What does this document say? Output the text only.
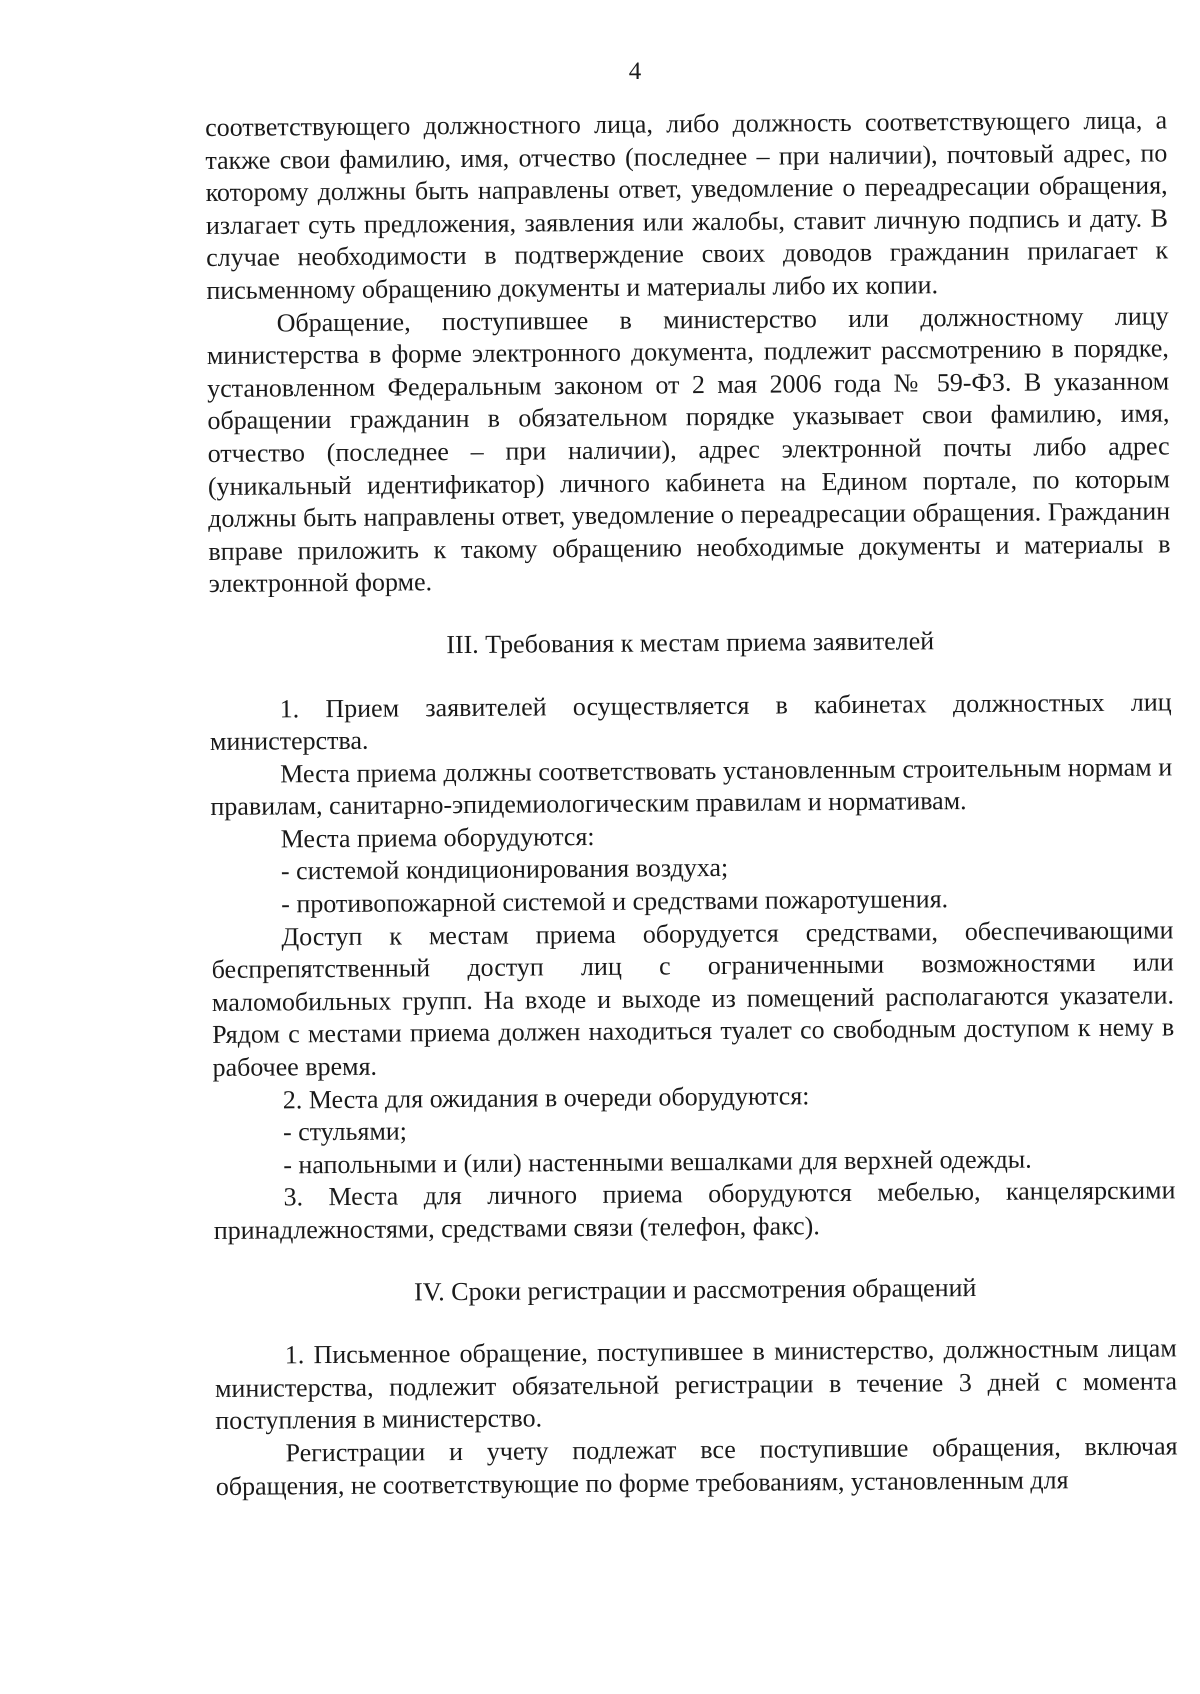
4

соответствующего должностного лица, либо должность соответствующего лица, а также свои фамилию, имя, отчество (последнее – при наличии), почтовый адрес, по которому должны быть направлены ответ, уведомление о переадресации обращения, излагает суть предложения, заявления или жалобы, ставит личную подпись и дату. В случае необходимости в подтверждение своих доводов гражданин прилагает к письменному обращению документы и материалы либо их копии.

Обращение, поступившее в министерство или должностному лицу министерства в форме электронного документа, подлежит рассмотрению в порядке, установленном Федеральным законом от 2 мая 2006 года № 59-ФЗ. В указанном обращении гражданин в обязательном порядке указывает свои фамилию, имя, отчество (последнее – при наличии), адрес электронной почты либо адрес (уникальный идентификатор) личного кабинета на Едином портале, по которым должны быть направлены ответ, уведомление о переадресации обращения. Гражданин вправе приложить к такому обращению необходимые документы и материалы в электронной форме.

III. Требования к местам приема заявителей

1. Прием заявителей осуществляется в кабинетах должностных лиц министерства.

Места приема должны соответствовать установленным строительным нормам и правилам, санитарно-эпидемиологическим правилам и нормативам.

Места приема оборудуются:

- системой кондиционирования воздуха;

- противопожарной системой и средствами пожаротушения.

Доступ к местам приема оборудуется средствами, обеспечивающими беспрепятственный доступ лиц с ограниченными возможностями или маломобильных групп. На входе и выходе из помещений располагаются указатели. Рядом с местами приема должен находиться туалет со свободным доступом к нему в рабочее время.

2. Места для ожидания в очереди оборудуются:

- стульями;

- напольными и (или) настенными вешалками для верхней одежды.

3. Места для личного приема оборудуются мебелью, канцелярскими принадлежностями, средствами связи (телефон, факс).

IV. Сроки регистрации и рассмотрения обращений

1. Письменное обращение, поступившее в министерство, должностным лицам министерства, подлежит обязательной регистрации в течение 3 дней с момента поступления в министерство.

Регистрации и учету подлежат все поступившие обращения, включая обращения, не соответствующие по форме требованиям, установленным для
